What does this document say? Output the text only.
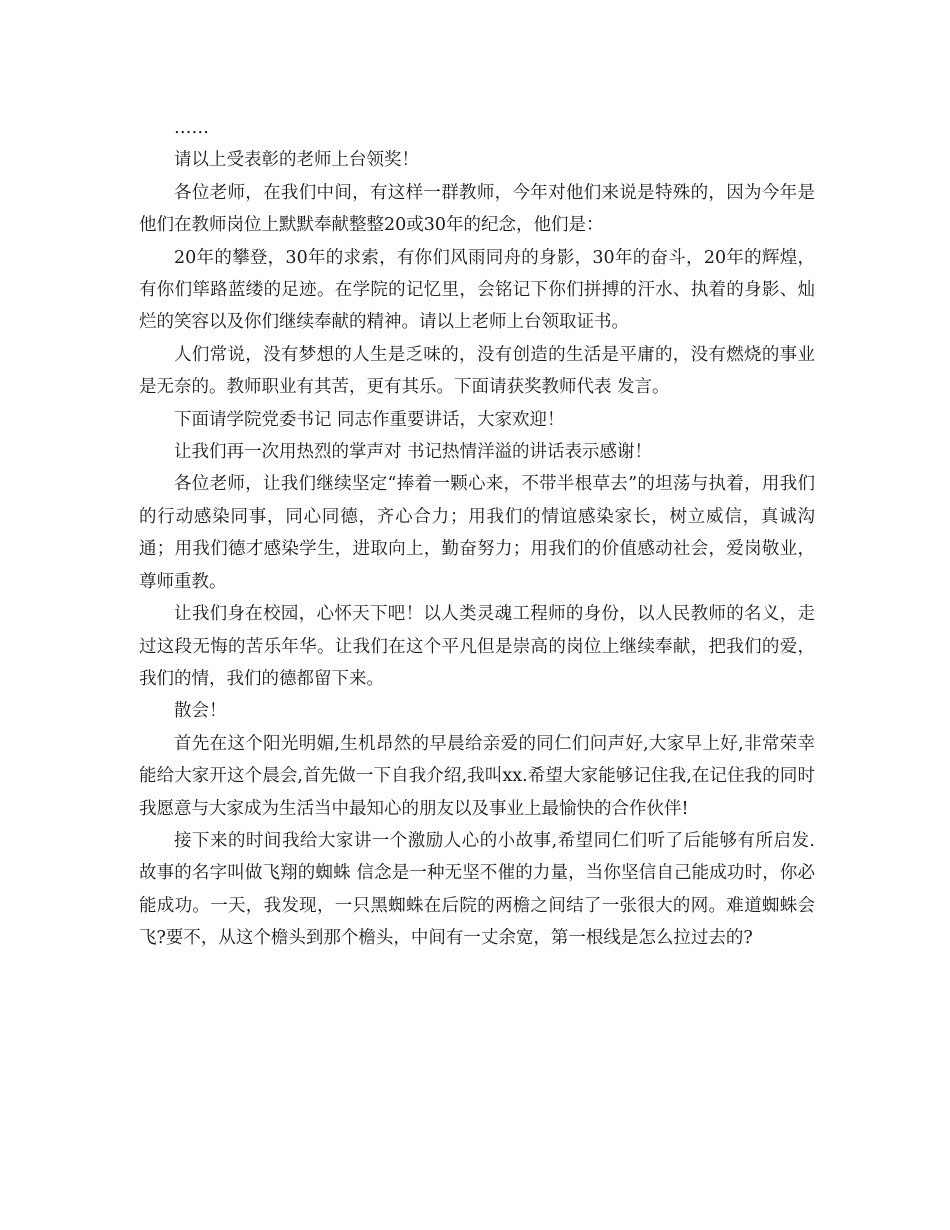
……

请以上受表彰的老师上台领奖！

各位老师，在我们中间，有这样一群教师，今年对他们来说是特殊的，因为今年是他们在教师岗位上默默奉献整整20或30年的纪念，他们是：

20年的攀登，30年的求索，有你们风雨同舟的身影，30年的奋斗，20年的辉煌，有你们筚路蓝缕的足迹。在学院的记忆里，会铭记下你们拼搏的汗水、执着的身影、灿烂的笑容以及你们继续奉献的精神。请以上老师上台领取证书。

人们常说，没有梦想的人生是乏味的，没有创造的生活是平庸的，没有燃烧的事业是无奈的。教师职业有其苦，更有其乐。下面请获奖教师代表 发言。

下面请学院党委书记 同志作重要讲话，大家欢迎！

让我们再一次用热烈的掌声对 书记热情洋溢的讲话表示感谢！

各位老师，让我们继续坚定“捧着一颗心来，不带半根草去”的坦荡与执着，用我们的行动感染同事，同心同德，齐心合力；用我们的情谊感染家长，树立威信，真诚沟通；用我们德才感染学生，进取向上，勤奋努力；用我们的价值感动社会，爱岗敬业，尊师重教。

让我们身在校园，心怀天下吧！以人类灵魂工程师的身份，以人民教师的名义，走过这段无悔的苦乐年华。让我们在这个平凡但是崇高的岗位上继续奉献，把我们的爱，我们的情，我们的德都留下来。

散会！

首先在这个阳光明媚,生机昂然的早晨给亲爱的同仁们问声好,大家早上好,非常荣幸能给大家开这个晨会,首先做一下自我介绍,我叫xx.希望大家能够记住我,在记住我的同时我愿意与大家成为生活当中最知心的朋友以及事业上最愉快的合作伙伴!

接下来的时间我给大家讲一个激励人心的小故事,希望同仁们听了后能够有所启发.故事的名字叫做飞翔的蜘蛛 信念是一种无坚不催的力量，当你坚信自己能成功时，你必能成功。一天，我发现，一只黑蜘蛛在后院的两檐之间结了一张很大的网。难道蜘蛛会飞?要不，从这个檐头到那个檐头，中间有一丈余宽，第一根线是怎么拉过去的?
